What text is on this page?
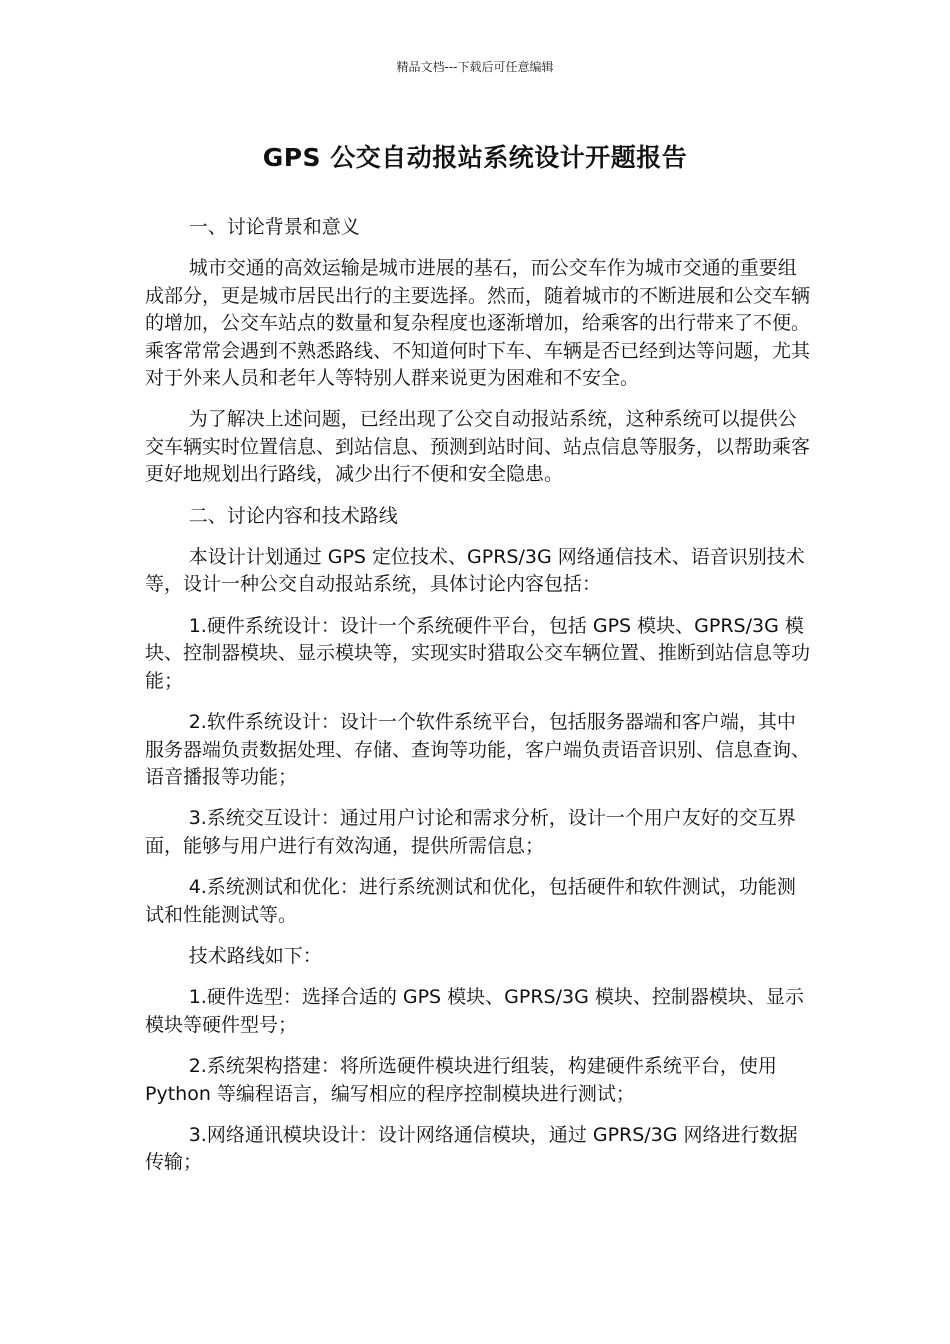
精品文档---下载后可任意编辑
GPS 公交自动报站系统设计开题报告

一、讨论背景和意义

城市交通的高效运输是城市进展的基石，而公交车作为城市交通的重要组成部分，更是城市居民出行的主要选择。然而，随着城市的不断进展和公交车辆的增加，公交车站点的数量和复杂程度也逐渐增加，给乘客的出行带来了不便。乘客常常会遇到不熟悉路线、不知道何时下车、车辆是否已经到达等问题，尤其对于外来人员和老年人等特别人群来说更为困难和不安全。

为了解决上述问题，已经出现了公交自动报站系统，这种系统可以提供公交车辆实时位置信息、到站信息、预测到站时间、站点信息等服务，以帮助乘客更好地规划出行路线，减少出行不便和安全隐患。

二、讨论内容和技术路线

本设计计划通过 GPS 定位技术、GPRS/3G 网络通信技术、语音识别技术等，设计一种公交自动报站系统，具体讨论内容包括：

1.硬件系统设计：设计一个系统硬件平台，包括 GPS 模块、GPRS/3G 模块、控制器模块、显示模块等，实现实时猎取公交车辆位置、推断到站信息等功能；

2.软件系统设计：设计一个软件系统平台，包括服务器端和客户端，其中服务器端负责数据处理、存储、查询等功能，客户端负责语音识别、信息查询、语音播报等功能；

3.系统交互设计：通过用户讨论和需求分析，设计一个用户友好的交互界面，能够与用户进行有效沟通，提供所需信息；

4.系统测试和优化：进行系统测试和优化，包括硬件和软件测试，功能测试和性能测试等。

技术路线如下：

1.硬件选型：选择合适的 GPS 模块、GPRS/3G 模块、控制器模块、显示模块等硬件型号；

2.系统架构搭建：将所选硬件模块进行组装，构建硬件系统平台，使用 Python 等编程语言，编写相应的程序控制模块进行测试；

3.网络通讯模块设计：设计网络通信模块，通过 GPRS/3G 网络进行数据传输；
